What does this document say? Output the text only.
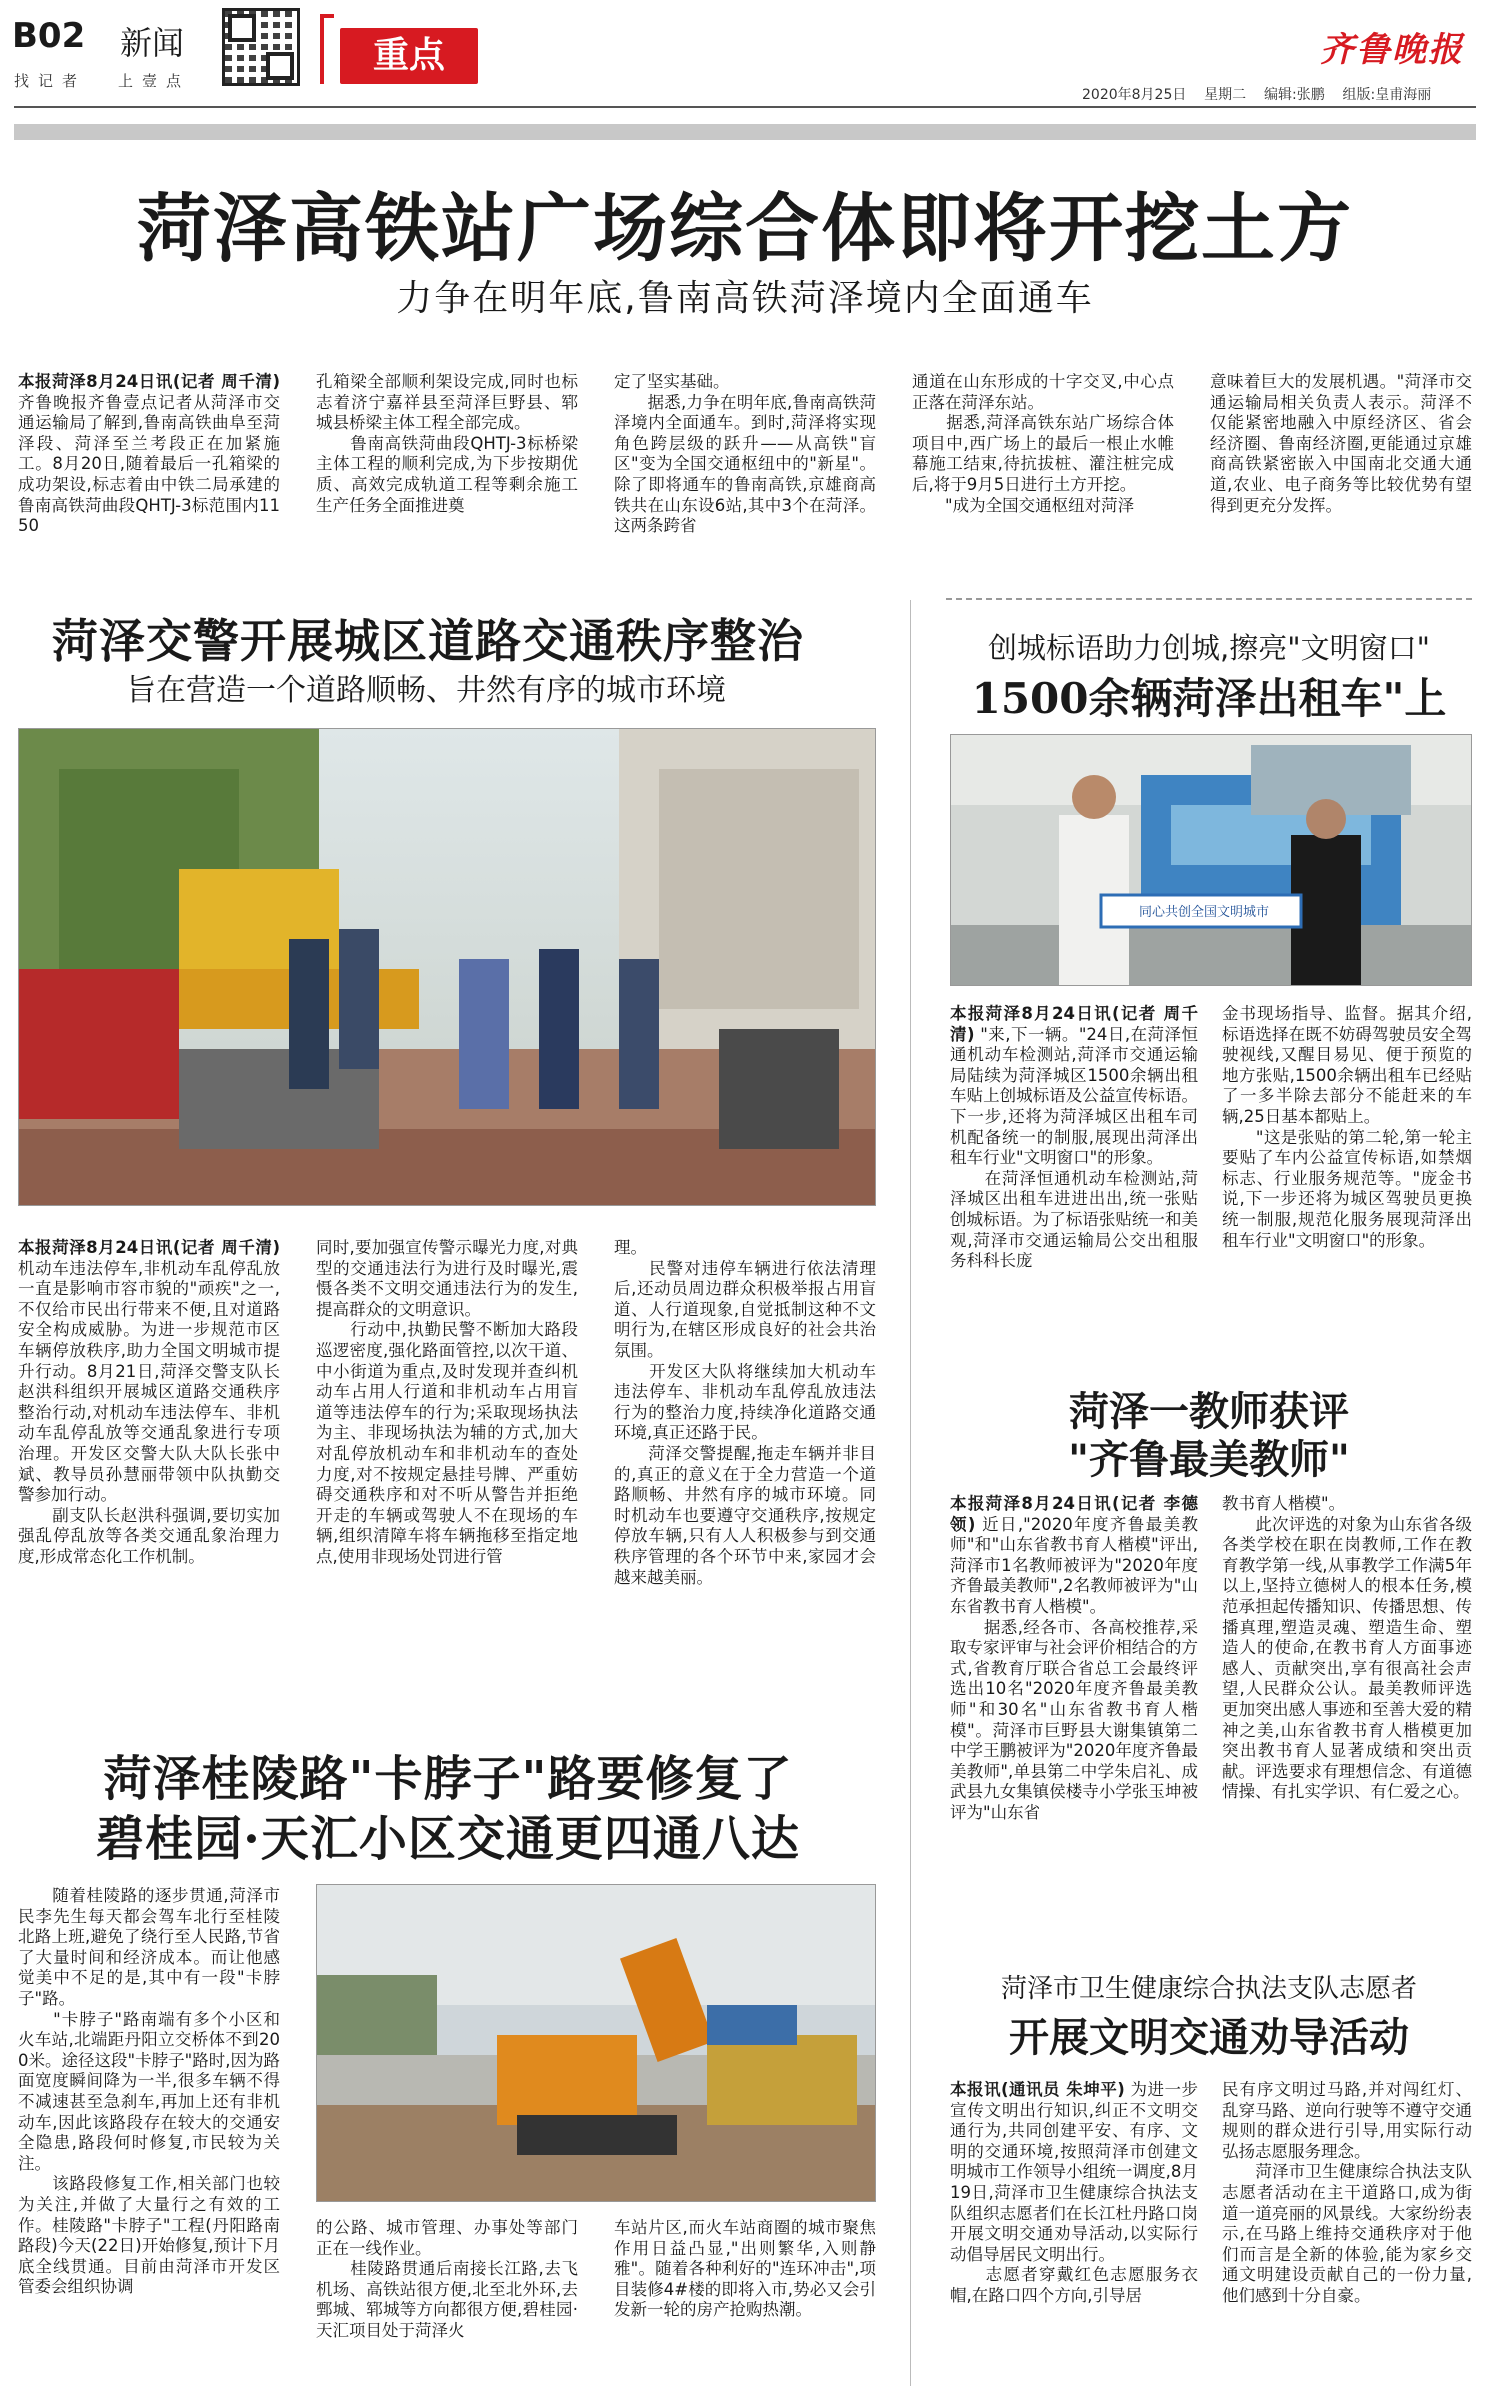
B02 新闻
找记者 上壹点
重点	齐鲁晚报
2020年8月25日 星期二 编辑:张鹏 组版:皇甫海丽
菏泽高铁站广场综合体即将开挖土方
力争在明年底,鲁南高铁菏泽境内全面通车
本报菏泽8月24日讯(记者 周千清) 齐鲁晚报齐鲁壹点记者从菏泽市交通运输局了解到,鲁南高铁曲阜至菏泽段、菏泽至兰考段正在加紧施工。8月20日,随着最后一孔箱梁的成功架设,标志着由中铁二局承建的鲁南高铁菏曲段QHTJ-3标范围内1150
孔箱梁全部顺利架设完成,同时也标志着济宁嘉祥县至菏泽巨野县、郓城县桥梁主体工程全部完成。
　　鲁南高铁菏曲段QHTJ-3标桥梁主体工程的顺利完成,为下步按期优质、高效完成轨道工程等剩余施工生产任务全面推进奠
定了坚实基础。
　　据悉,力争在明年底,鲁南高铁菏泽境内全面通车。到时,菏泽将实现角色跨层级的跃升——从高铁"盲区"变为全国交通枢纽中的"新星"。除了即将通车的鲁南高铁,京雄商高铁共在山东设6站,其中3个在菏泽。这两条跨省
通道在山东形成的十字交叉,中心点正落在菏泽东站。
　　据悉,菏泽高铁东站广场综合体项目中,西广场上的最后一根止水帷幕施工结束,待抗拔桩、灌注桩完成后,将于9月5日进行土方开挖。
　　"成为全国交通枢纽对菏泽
意味着巨大的发展机遇。"菏泽市交通运输局相关负责人表示。菏泽不仅能紧密地融入中原经济区、省会经济圈、鲁南经济圈,更能通过京雄商高铁紧密嵌入中国南北交通大通道,农业、电子商务等比较优势有望得到更充分发挥。
菏泽交警开展城区道路交通秩序整治
旨在营造一个道路顺畅、井然有序的城市环境
本报菏泽8月24日讯(记者 周千清) 机动车违法停车,非机动车乱停乱放一直是影响市容市貌的"顽疾"之一,不仅给市民出行带来不便,且对道路安全构成威胁。为进一步规范市区车辆停放秩序,助力全国文明城市提升行动。8月21日,菏泽交警支队长赵洪科组织开展城区道路交通秩序整治行动,对机动车违法停车、非机动车乱停乱放等交通乱象进行专项治理。开发区交警大队大队长张中斌、教导员孙慧丽带领中队执勤交警参加行动。
　　副支队长赵洪科强调,要切实加强乱停乱放等各类交通乱象治理力度,形成常态化工作机制。
同时,要加强宣传警示曝光力度,对典型的交通违法行为进行及时曝光,震慑各类不文明交通违法行为的发生,提高群众的文明意识。
　　行动中,执勤民警不断加大路段巡逻密度,强化路面管控,以次干道、中小街道为重点,及时发现并查纠机动车占用人行道和非机动车占用盲道等违法停车的行为;采取现场执法为主、非现场执法为辅的方式,加大对乱停放机动车和非机动车的查处力度,对不按规定悬挂号牌、严重妨碍交通秩序和对不听从警告并拒绝开走的车辆或驾驶人不在现场的车辆,组织清障车将车辆拖移至指定地点,使用非现场处罚进行管
理。
　　民警对违停车辆进行依法清理后,还动员周边群众积极举报占用盲道、人行道现象,自觉抵制这种不文明行为,在辖区形成良好的社会共治氛围。
　　开发区大队将继续加大机动车违法停车、非机动车乱停乱放违法行为的整治力度,持续净化道路交通环境,真正还路于民。
　　菏泽交警提醒,拖走车辆并非目的,真正的意义在于全力营造一个道路顺畅、井然有序的城市环境。同时机动车也要遵守交通秩序,按规定停放车辆,只有人人积极参与到交通秩序管理的各个环节中来,家园才会越来越美丽。
创城标语助力创城,擦亮"文明窗口"
1500余辆菏泽出租车"上
同心共创全国文明城市
本报菏泽8月24日讯(记者 周千清) "来,下一辆。"24日,在菏泽恒通机动车检测站,菏泽市交通运输局陆续为菏泽城区1500余辆出租车贴上创城标语及公益宣传标语。下一步,还将为菏泽城区出租车司机配备统一的制服,展现出菏泽出租车行业"文明窗口"的形象。
　　在菏泽恒通机动车检测站,菏泽城区出租车进进出出,统一张贴创城标语。为了标语张贴统一和美观,菏泽市交通运输局公交出租服务科科长庞
金书现场指导、监督。据其介绍,标语选择在既不妨碍驾驶员安全驾驶视线,又醒目易见、便于预览的地方张贴,1500余辆出租车已经贴了一多半除去部分不能赶来的车辆,25日基本都贴上。
　　"这是张贴的第二轮,第一轮主要贴了车内公益宣传标语,如禁烟标志、行业服务规范等。"庞金书说,下一步还将为城区驾驶员更换统一制服,规范化服务展现菏泽出租车行业"文明窗口"的形象。
菏泽一教师获评
"齐鲁最美教师"
本报菏泽8月24日讯(记者 李德领) 近日,"2020年度齐鲁最美教师"和"山东省教书育人楷模"评出,菏泽市1名教师被评为"2020年度齐鲁最美教师",2名教师被评为"山东省教书育人楷模"。
　　据悉,经各市、各高校推荐,采取专家评审与社会评价相结合的方式,省教育厅联合省总工会最终评选出10名"2020年度齐鲁最美教师"和30名"山东省教书育人楷模"。菏泽市巨野县大谢集镇第二中学王鹏被评为"2020年度齐鲁最美教师",单县第二中学朱启礼、成武县九女集镇侯楼寺小学张玉坤被评为"山东省
教书育人楷模"。
　　此次评选的对象为山东省各级各类学校在职在岗教师,工作在教育教学第一线,从事教学工作满5年以上,坚持立德树人的根本任务,模范承担起传播知识、传播思想、传播真理,塑造灵魂、塑造生命、塑造人的使命,在教书育人方面事迹感人、贡献突出,享有很高社会声望,人民群众公认。最美教师评选更加突出感人事迹和至善大爱的精神之美,山东省教书育人楷模更加突出教书育人显著成绩和突出贡献。评选要求有理想信念、有道德情操、有扎实学识、有仁爱之心。
菏泽桂陵路"卡脖子"路要修复了
碧桂园·天汇小区交通更四通八达
　　随着桂陵路的逐步贯通,菏泽市民李先生每天都会驾车北行至桂陵北路上班,避免了绕行至人民路,节省了大量时间和经济成本。而让他感觉美中不足的是,其中有一段"卡脖子"路。
　　"卡脖子"路南端有多个小区和火车站,北端距丹阳立交桥体不到200米。途径这段"卡脖子"路时,因为路面宽度瞬间降为一半,很多车辆不得不减速甚至急刹车,再加上还有非机动车,因此该路段存在较大的交通安全隐患,路段何时修复,市民较为关注。
　　该路段修复工作,相关部门也较为关注,并做了大量行之有效的工作。桂陵路"卡脖子"工程(丹阳路南路段)今天(22日)开始修复,预计下月底全线贯通。目前由菏泽市开发区管委会组织协调
的公路、城市管理、办事处等部门正在一线作业。
　　桂陵路贯通后南接长江路,去飞机场、高铁站很方便,北至北外环,去鄄城、郓城等方向都很方便,碧桂园·天汇项目处于菏泽火
车站片区,而火车站商圈的城市聚焦作用日益凸显,"出则繁华,入则静雅"。随着各种利好的"连环冲击",项目装修4#楼的即将入市,势必又会引发新一轮的房产抢购热潮。
菏泽市卫生健康综合执法支队志愿者
开展文明交通劝导活动
本报讯(通讯员 朱坤平) 为进一步宣传文明出行知识,纠正不文明交通行为,共同创建平安、有序、文明的交通环境,按照菏泽市创建文明城市工作领导小组统一调度,8月19日,菏泽市卫生健康综合执法支队组织志愿者们在长江杜丹路口岗开展文明交通劝导活动,以实际行动倡导居民文明出行。
　　志愿者穿戴红色志愿服务衣帽,在路口四个方向,引导居
民有序文明过马路,并对闯红灯、乱穿马路、逆向行驶等不遵守交通规则的群众进行引导,用实际行动弘扬志愿服务理念。
　　菏泽市卫生健康综合执法支队志愿者活动在主干道路口,成为街道一道亮丽的风景线。大家纷纷表示,在马路上维持交通秩序对于他们而言是全新的体验,能为家乡交通文明建设贡献自己的一份力量,他们感到十分自豪。
